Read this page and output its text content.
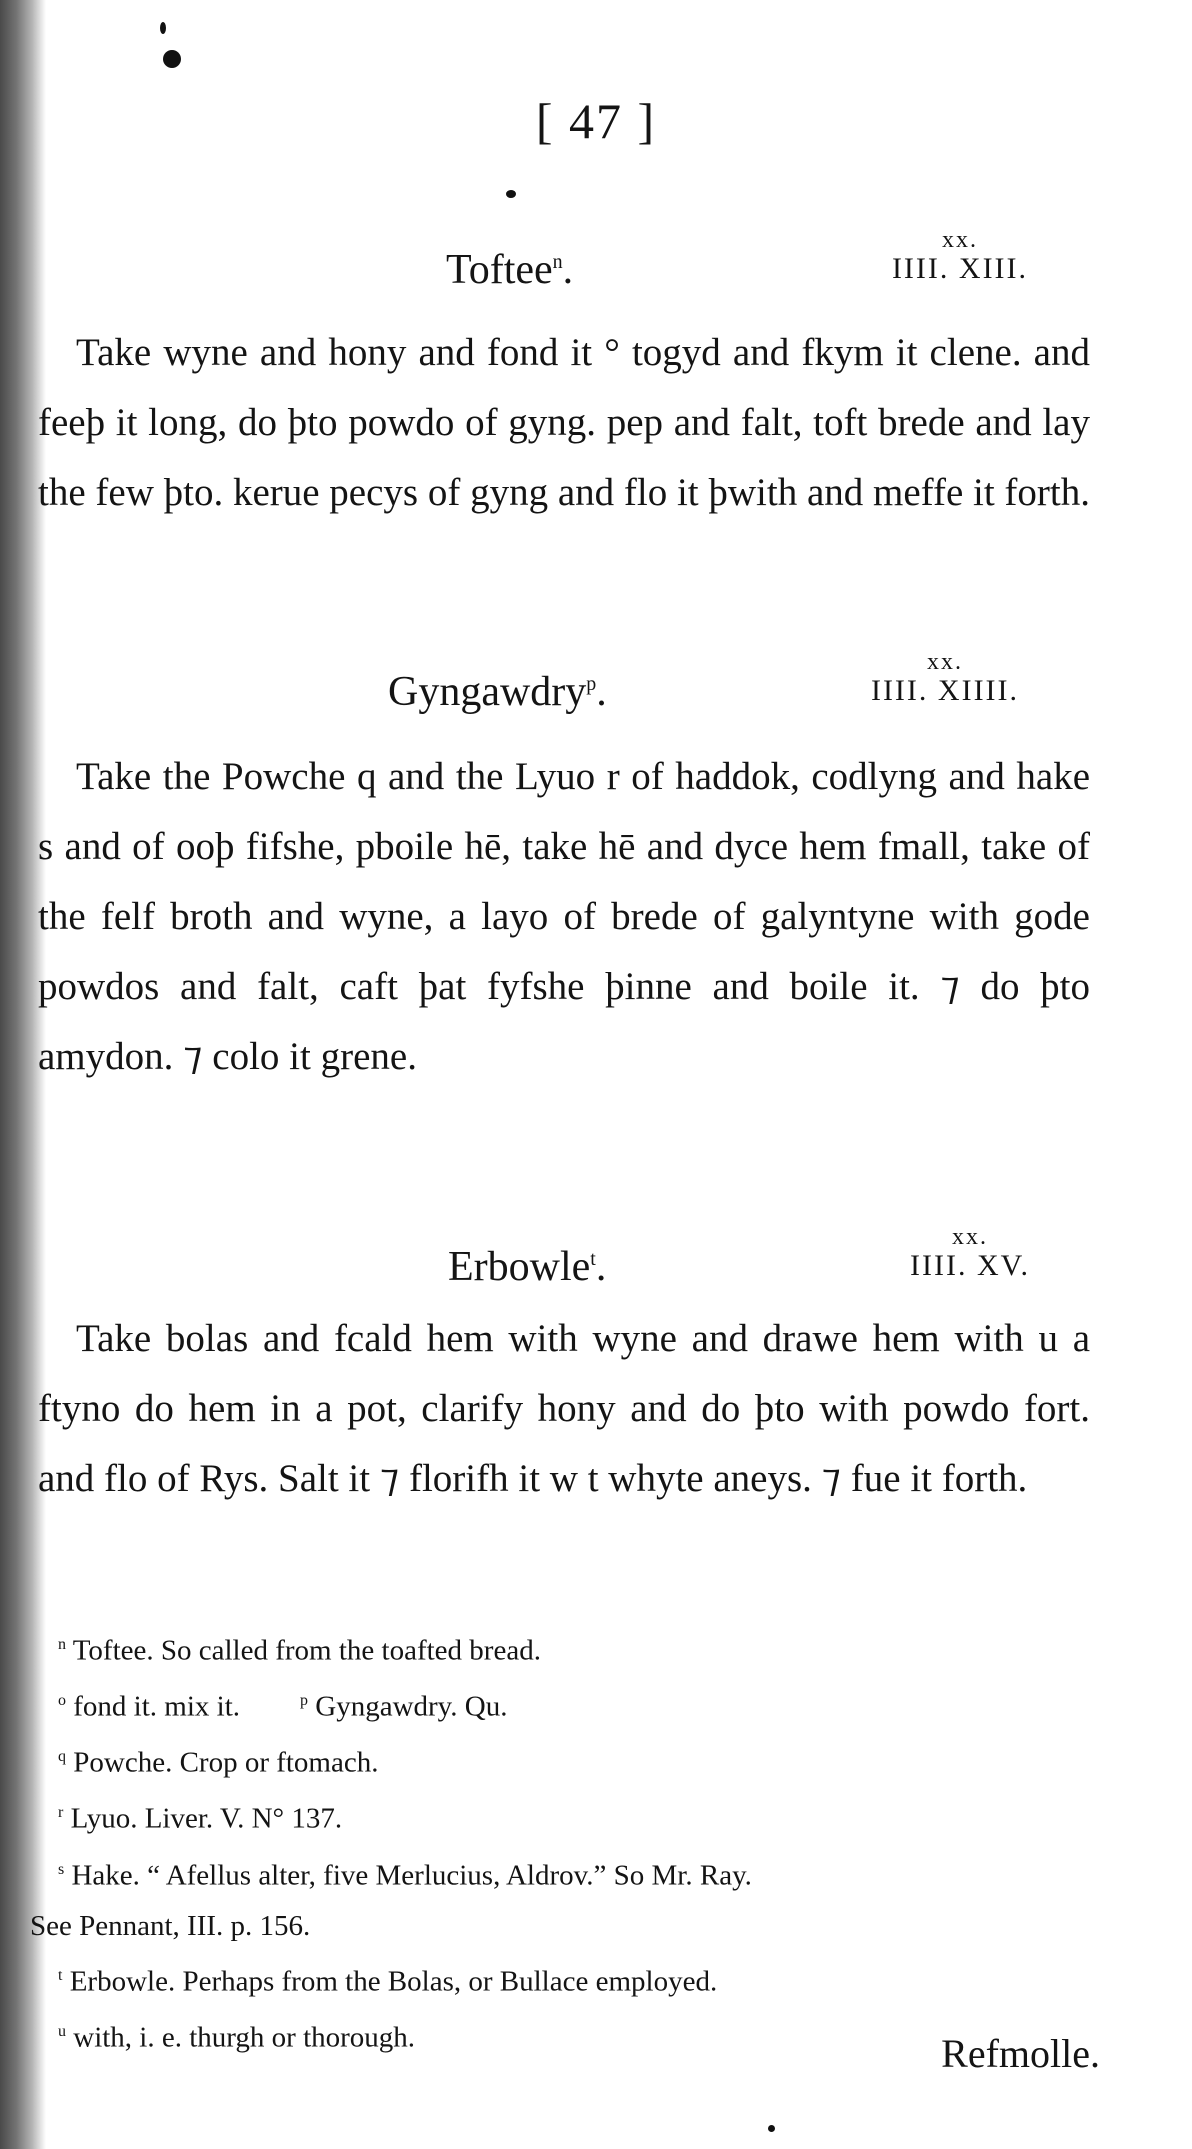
[ 47 ]
Toftee$^n$.
xx.
IIII. XIII.

Take wyne and hony and fond it ° togyd and fkym it clene. and feeþ it long, do þto powdo of gyng. pep and falt, toft brede and lay the few þto. kerue pecys of gyng and flo it þwith and meffe it forth.

Gyngawdry$^p$.
xx.
IIII. XIIII.

Take the Powche q and the Lyuo r of haddok, codlyng and hake s and of ooþ fifshe, pboile hē, take hē and dyce hem fmall, take of the felf broth and wyne, a layo of brede of galyntyne with gode powdos and falt, caft þat fyfshe þinne and boile it. ⁊ do þto amydon. ⁊ colo it grene.

Erbowle$^t$.
xx.
IIII. XV.

Take bolas and fcald hem with wyne and drawe hem with u a ftyno do hem in a pot, clarify hony and do þto with powdo fort. and flo of Rys. Salt it ⁊ florifh it w t whyte aneys. ⁊ fue it forth.

$^n$ Toftee. So called from the toafted bread.
$^o$ fond it. mix it.	$^p$ Gyngawdry. Qu.
$^q$ Powche. Crop or ftomach.
$^r$ Lyuo. Liver. V. N° 137.
$^s$ Hake. “ Afellus alter, five Merlucius, Aldrov.” So Mr. Ray.
See Pennant, III. p. 156.
$^t$ Erbowle. Perhaps from the Bolas, or Bullace employed.
$^u$ with, i. e. thurgh or thorough.	Refmolle.
